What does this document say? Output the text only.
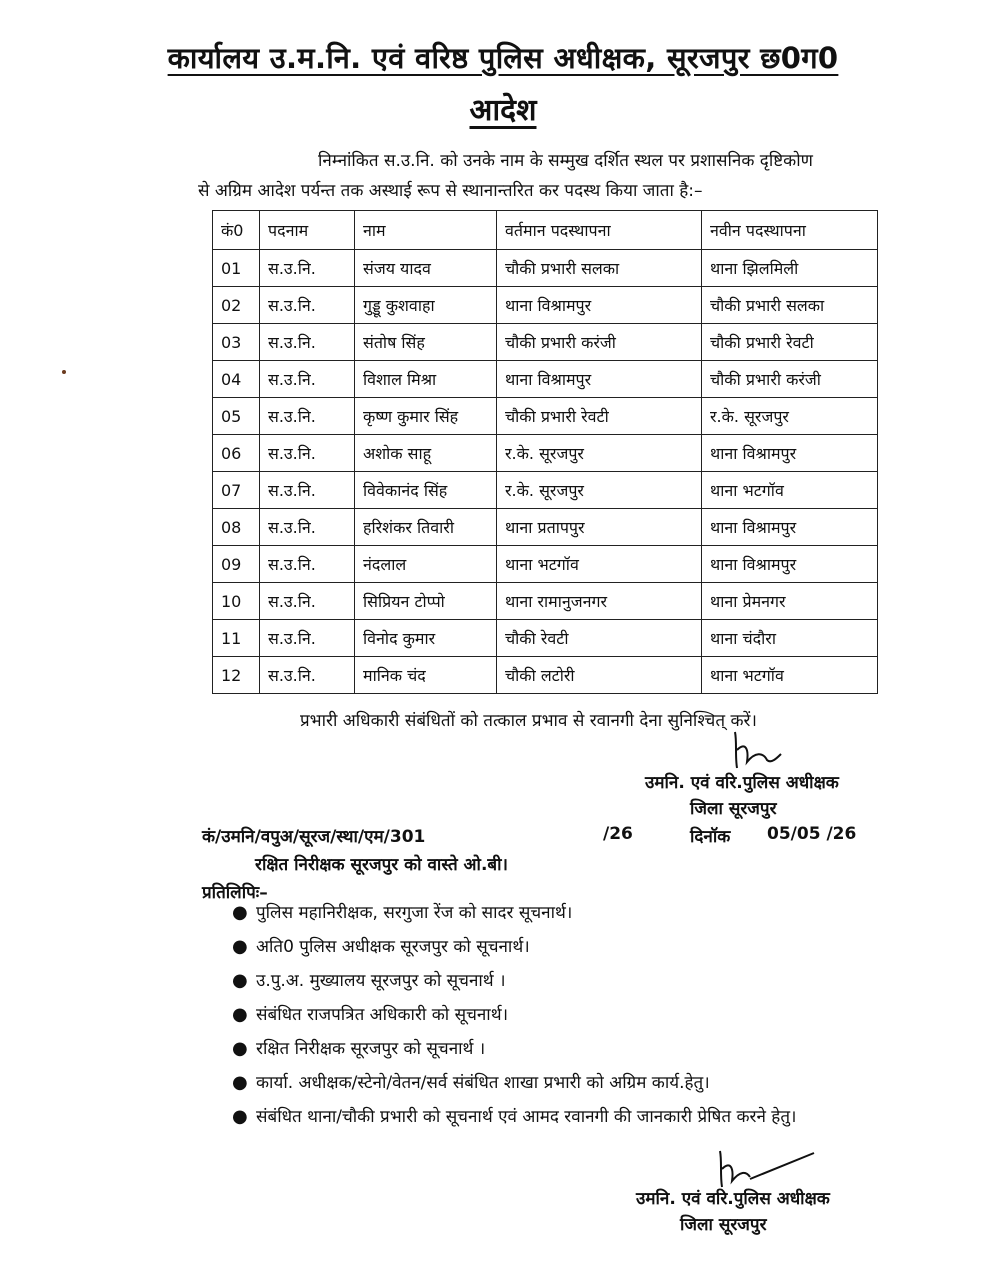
कार्यालय उ.म.नि. एवं वरिष्ठ पुलिस अधीक्षक, सूरजपुर छ0ग0
आदेश
निम्नांकित स.उ.नि. को उनके नाम के सम्मुख दर्शित स्थल पर प्रशासनिक दृष्टिकोण
से अग्रिम आदेश पर्यन्त तक अस्थाई रूप से स्थानान्तरित कर पदस्थ किया जाता है:–
कं0	पदनाम	नाम	वर्तमान पदस्थापना	नवीन पदस्थापना
01	स.उ.नि.	संजय यादव	चौकी प्रभारी सलका	थाना झिलमिली
02	स.उ.नि.	गुड्डू कुशवाहा	थाना विश्रामपुर	चौकी प्रभारी सलका
03	स.उ.नि.	संतोष सिंह	चौकी प्रभारी करंजी	चौकी प्रभारी रेवटी
04	स.उ.नि.	विशाल मिश्रा	थाना विश्रामपुर	चौकी प्रभारी करंजी
05	स.उ.नि.	कृष्ण कुमार सिंह	चौकी प्रभारी रेवटी	र.के. सूरजपुर
06	स.उ.नि.	अशोक साहू	र.के. सूरजपुर	थाना विश्रामपुर
07	स.उ.नि.	विवेकानंद सिंह	र.के. सूरजपुर	थाना भटगॉव
08	स.उ.नि.	हरिशंकर तिवारी	थाना प्रतापपुर	थाना विश्रामपुर
09	स.उ.नि.	नंदलाल	थाना भटगॉव	थाना विश्रामपुर
10	स.उ.नि.	सिप्रियन टोप्पो	थाना रामानुजनगर	थाना प्रेमनगर
11	स.उ.नि.	विनोद कुमार	चौकी रेवटी	थाना चंदौरा
12	स.उ.नि.	मानिक चंद	चौकी लटोरी	थाना भटगॉव
प्रभारी अधिकारी संबंधितों को तत्काल प्रभाव से रवानगी देना सुनिश्चित् करें।
उमनि. एवं वरि.पुलिस अधीक्षक
जिला सूरजपुर
कं/उमनि/वपुअ/सूरज/स्था/एम/301	/26	दिनॉक 05/05 /26
रक्षित निरीक्षक सूरजपुर को वास्ते ओ.बी।
प्रतिलिपिः–
● पुलिस महानिरीक्षक, सरगुजा रेंज को सादर सूचनार्थ।
● अति0 पुलिस अधीक्षक सूरजपुर को सूचनार्थ।
● उ.पु.अ. मुख्यालय सूरजपुर को सूचनार्थ ।
● संबंधित राजपत्रित अधिकारी को सूचनार्थ।
● रक्षित निरीक्षक सूरजपुर को सूचनार्थ ।
● कार्या. अधीक्षक/स्टेनो/वेतन/सर्व संबंधित शाखा प्रभारी को अग्रिम कार्य.हेतु।
● संबंधित थाना/चौकी प्रभारी को सूचनार्थ एवं आमद रवानगी की जानकारी प्रेषित करने हेतु।
उमनि. एवं वरि.पुलिस अधीक्षक
जिला सूरजपुर
